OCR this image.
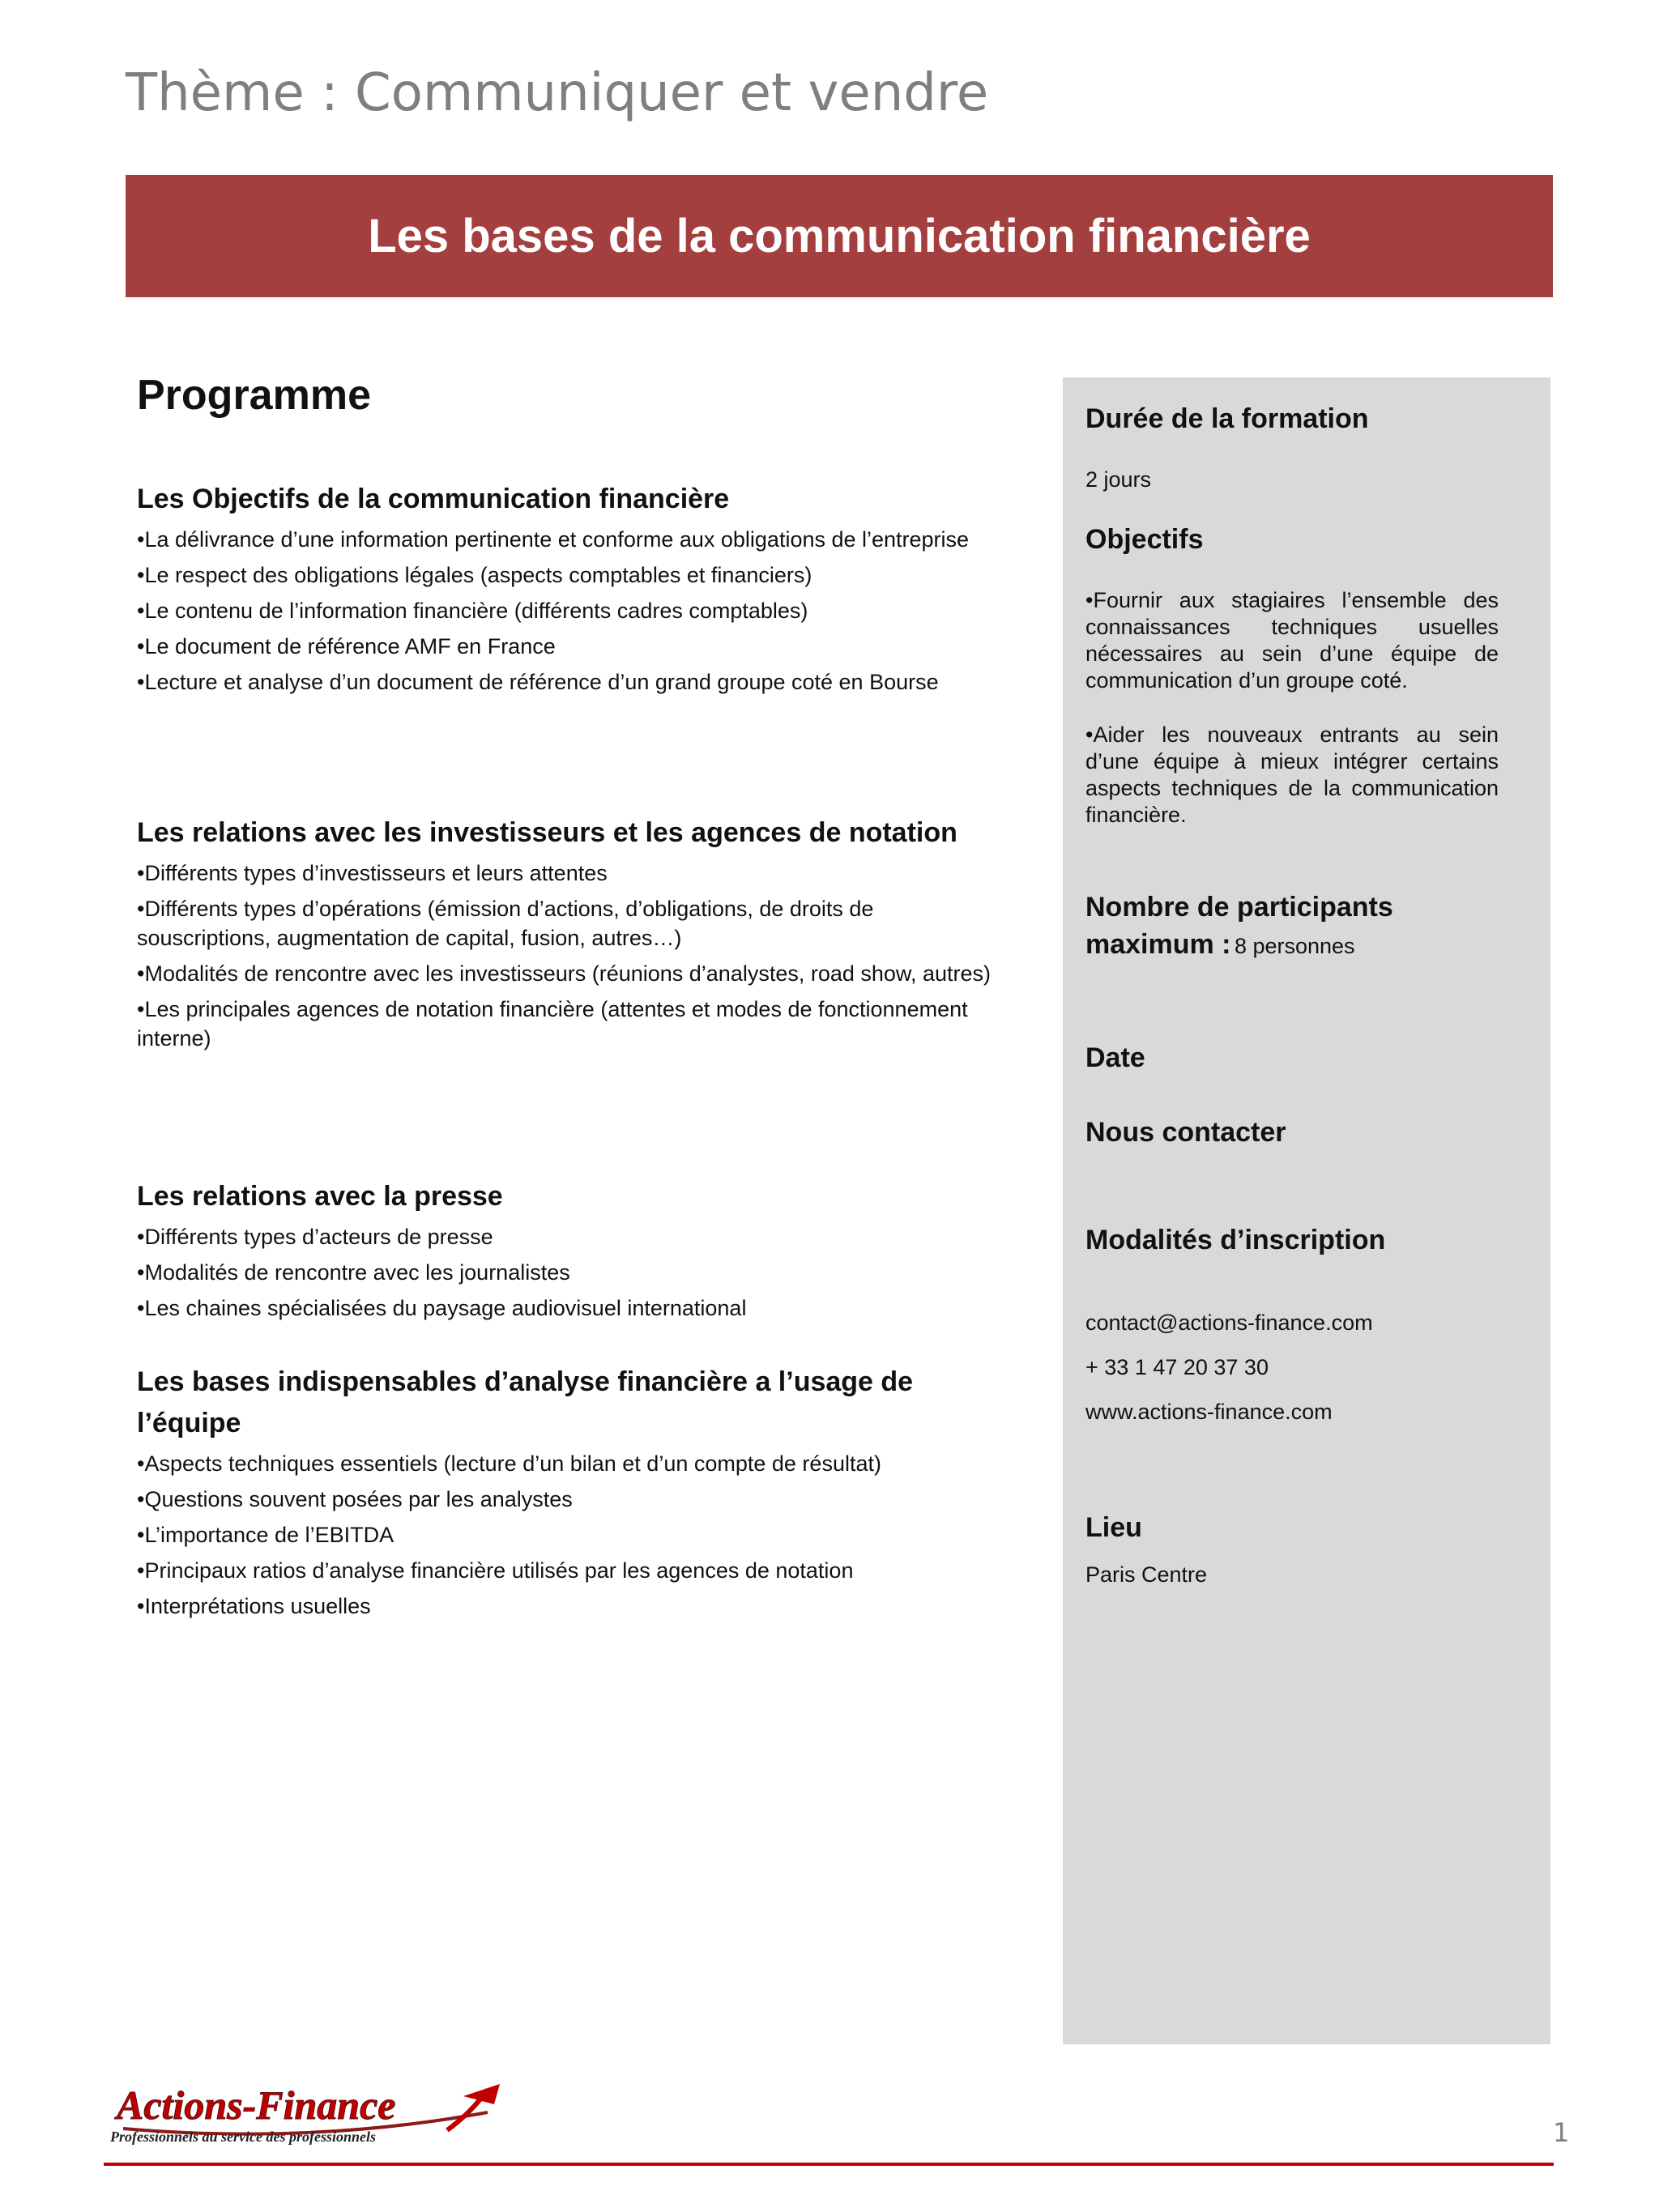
Thème : Communiquer et vendre
Les bases de la communication financière
Programme
Les Objectifs de la communication financière
•La délivrance d’une information pertinente et conforme aux obligations de l’entreprise
•Le respect des obligations légales (aspects comptables et financiers)
•Le contenu de l’information financière (différents cadres comptables)
•Le document de référence AMF en France
•Lecture et analyse d’un document de référence d’un grand groupe coté en Bourse
Les relations avec les investisseurs et les agences de notation
•Différents types d’investisseurs et leurs attentes
•Différents types d’opérations (émission d’actions, d’obligations, de droits de souscriptions, augmentation de capital, fusion, autres…)
•Modalités de rencontre avec les investisseurs (réunions d’analystes, road show, autres)
•Les principales agences de notation financière (attentes et modes de fonctionnement interne)
Les relations avec la presse
•Différents types d’acteurs de presse
•Modalités de rencontre avec les journalistes
•Les chaines spécialisées du paysage audiovisuel international
Les bases indispensables d’analyse financière a l’usage de l’équipe
•Aspects techniques essentiels (lecture d’un bilan et d’un compte de résultat)
•Questions souvent posées par les analystes
•L’importance de l’EBITDA
•Principaux ratios d’analyse financière utilisés par les agences de notation
•Interprétations usuelles
Durée de la formation
2 jours
Objectifs
•Fournir aux stagiaires l’ensemble des connaissances techniques usuelles nécessaires au sein d’une équipe de communication d’un groupe coté.
•Aider les nouveaux entrants au sein d’une équipe à mieux intégrer certains aspects techniques de la communication financière.
Nombre de participants
maximum : 8 personnes
Date
Nous contacter
Modalités d’inscription
contact@actions-finance.com
+ 33 1 47 20 37 30
www.actions-finance.com
Lieu
Paris Centre
Actions-Finance
Professionnels au service des professionnels	1
